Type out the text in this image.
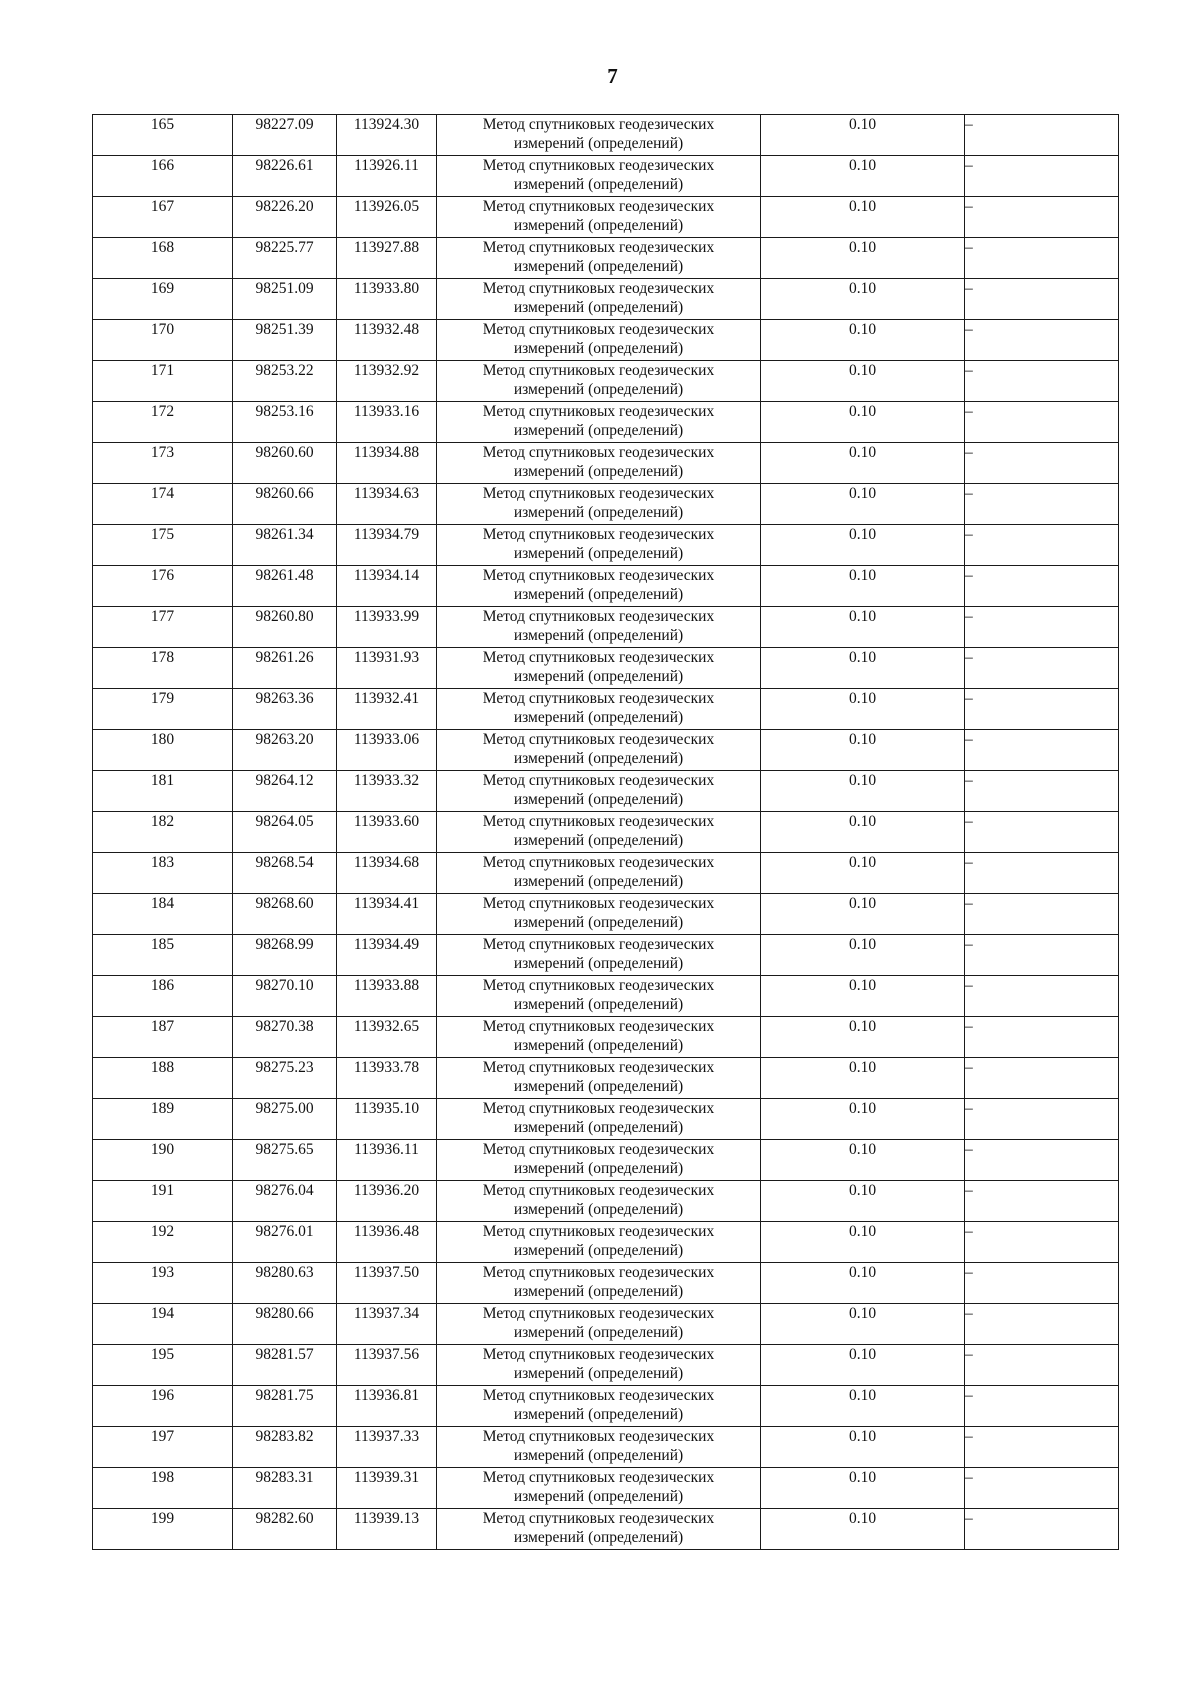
7
165	98227.09	113924.30	Метод спутниковых геодезических
измерений (определений)	0.10	–
166	98226.61	113926.11	Метод спутниковых геодезических
измерений (определений)	0.10	–
167	98226.20	113926.05	Метод спутниковых геодезических
измерений (определений)	0.10	–
168	98225.77	113927.88	Метод спутниковых геодезических
измерений (определений)	0.10	–
169	98251.09	113933.80	Метод спутниковых геодезических
измерений (определений)	0.10	–
170	98251.39	113932.48	Метод спутниковых геодезических
измерений (определений)	0.10	–
171	98253.22	113932.92	Метод спутниковых геодезических
измерений (определений)	0.10	–
172	98253.16	113933.16	Метод спутниковых геодезических
измерений (определений)	0.10	–
173	98260.60	113934.88	Метод спутниковых геодезических
измерений (определений)	0.10	–
174	98260.66	113934.63	Метод спутниковых геодезических
измерений (определений)	0.10	–
175	98261.34	113934.79	Метод спутниковых геодезических
измерений (определений)	0.10	–
176	98261.48	113934.14	Метод спутниковых геодезических
измерений (определений)	0.10	–
177	98260.80	113933.99	Метод спутниковых геодезических
измерений (определений)	0.10	–
178	98261.26	113931.93	Метод спутниковых геодезических
измерений (определений)	0.10	–
179	98263.36	113932.41	Метод спутниковых геодезических
измерений (определений)	0.10	–
180	98263.20	113933.06	Метод спутниковых геодезических
измерений (определений)	0.10	–
181	98264.12	113933.32	Метод спутниковых геодезических
измерений (определений)	0.10	–
182	98264.05	113933.60	Метод спутниковых геодезических
измерений (определений)	0.10	–
183	98268.54	113934.68	Метод спутниковых геодезических
измерений (определений)	0.10	–
184	98268.60	113934.41	Метод спутниковых геодезических
измерений (определений)	0.10	–
185	98268.99	113934.49	Метод спутниковых геодезических
измерений (определений)	0.10	–
186	98270.10	113933.88	Метод спутниковых геодезических
измерений (определений)	0.10	–
187	98270.38	113932.65	Метод спутниковых геодезических
измерений (определений)	0.10	–
188	98275.23	113933.78	Метод спутниковых геодезических
измерений (определений)	0.10	–
189	98275.00	113935.10	Метод спутниковых геодезических
измерений (определений)	0.10	–
190	98275.65	113936.11	Метод спутниковых геодезических
измерений (определений)	0.10	–
191	98276.04	113936.20	Метод спутниковых геодезических
измерений (определений)	0.10	–
192	98276.01	113936.48	Метод спутниковых геодезических
измерений (определений)	0.10	–
193	98280.63	113937.50	Метод спутниковых геодезических
измерений (определений)	0.10	–
194	98280.66	113937.34	Метод спутниковых геодезических
измерений (определений)	0.10	–
195	98281.57	113937.56	Метод спутниковых геодезических
измерений (определений)	0.10	–
196	98281.75	113936.81	Метод спутниковых геодезических
измерений (определений)	0.10	–
197	98283.82	113937.33	Метод спутниковых геодезических
измерений (определений)	0.10	–
198	98283.31	113939.31	Метод спутниковых геодезических
измерений (определений)	0.10	–
199	98282.60	113939.13	Метод спутниковых геодезических
измерений (определений)	0.10	–
